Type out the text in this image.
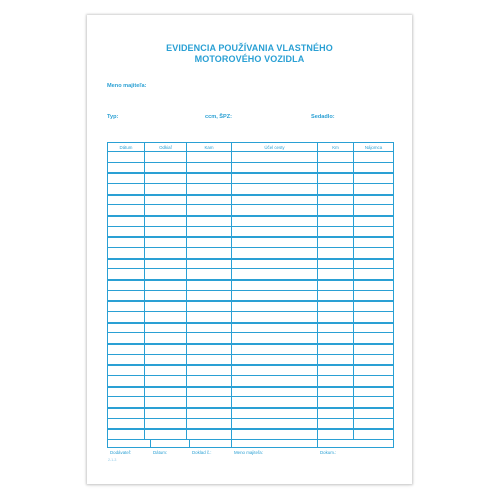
EVIDENCIA POUŽÍVANIA VLASTNÉHO
MOTOROVÉHO VOZIDLA
Meno majiteľa:
Typ:	ccm, ŠPZ:	Sedadlo:
Dátum	Odkiaľ	Kam	Účel cesty	Km	Nájomca
Dodávateľ:	Dátum:	Doklad č.:	Meno majiteľa:	Dokum.:
2-1-3
